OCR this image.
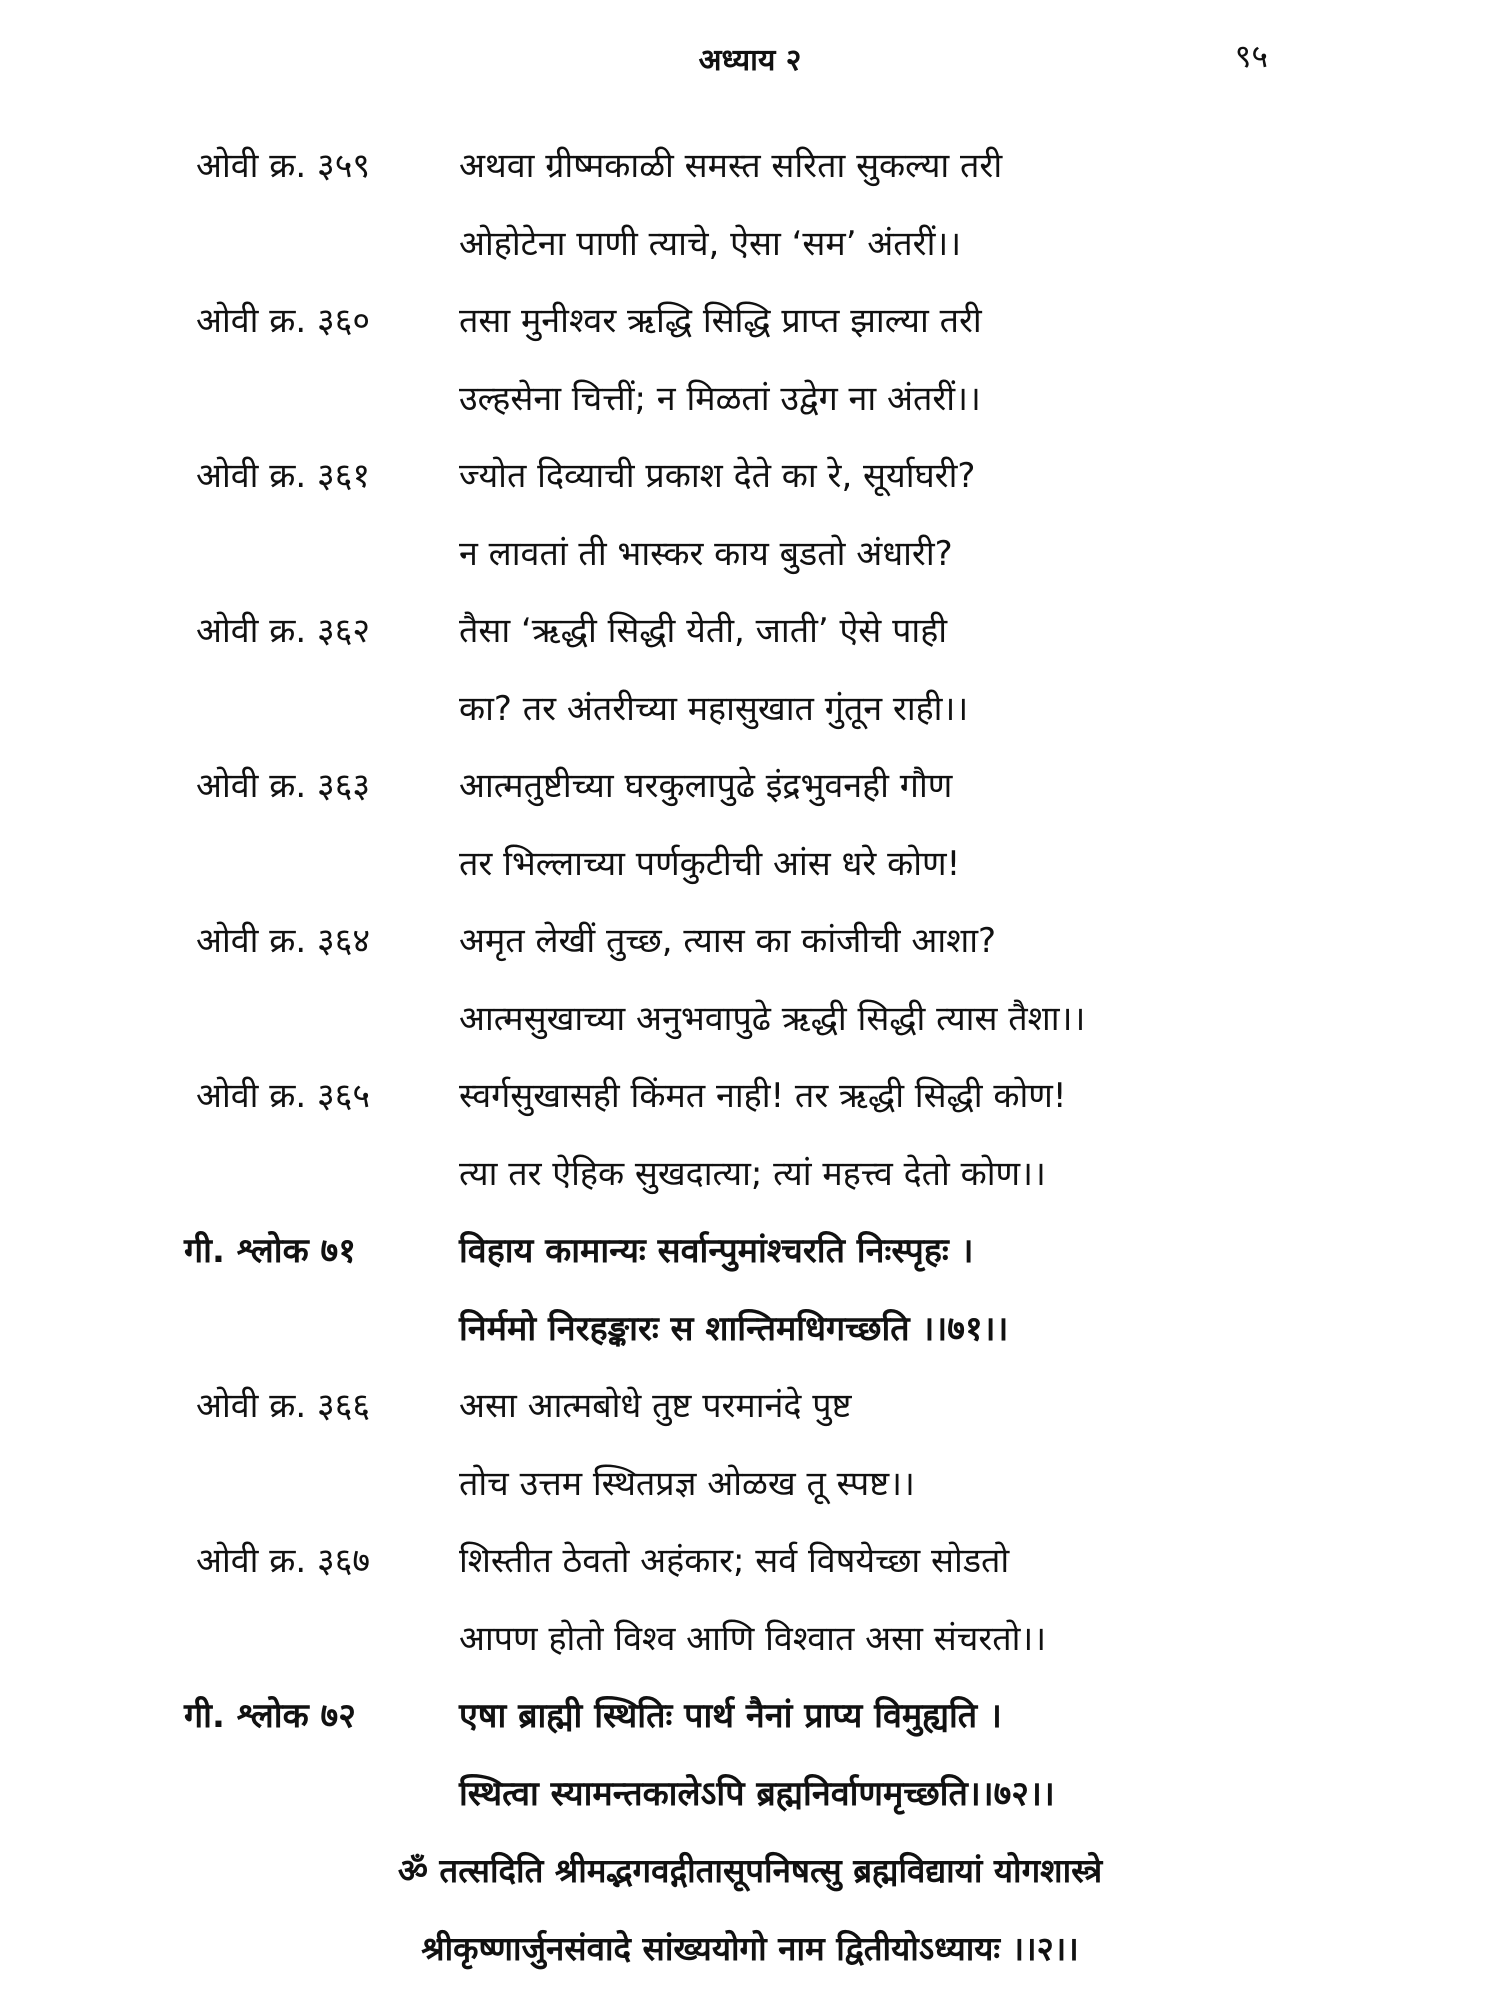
अध्याय २	९५
ओवी क्र. ३५९	अथवा ग्रीष्मकाळी समस्त सरिता सुकल्या तरी
ओहोटेना पाणी त्याचे, ऐसा ‘सम’ अंतरीं।।
ओवी क्र. ३६०	तसा मुनीश्वर ऋद्धि सिद्धि प्राप्त झाल्या तरी
उल्हसेना चित्तीं; न मिळतां उद्वेग ना अंतरीं।।
ओवी क्र. ३६१	ज्योत दिव्याची प्रकाश देते का रे, सूर्याघरी?
न लावतां ती भास्कर काय बुडतो अंधारी?
ओवी क्र. ३६२	तैसा ‘ऋद्धी सिद्धी येती, जाती’ ऐसे पाही
का? तर अंतरीच्या महासुखात गुंतून राही।।
ओवी क्र. ३६३	आत्मतुष्टीच्या घरकुलापुढे इंद्रभुवनही गौण
तर भिल्लाच्या पर्णकुटीची आंस धरे कोण!
ओवी क्र. ३६४	अमृत लेखीं तुच्छ, त्यास का कांजीची आशा?
आत्मसुखाच्या अनुभवापुढे ऋद्धी सिद्धी त्यास तैशा।।
ओवी क्र. ३६५	स्वर्गसुखासही किंमत नाही! तर ऋद्धी सिद्धी कोण!
त्या तर ऐहिक सुखदात्या; त्यां महत्त्व देतो कोण।।
गी. श्लोक ७१	विहाय कामान्यः सर्वान्पुमांश्चरति निःस्पृहः ।
निर्ममो निरहङ्कारः स शान्तिमधिगच्छति ।।७१।।
ओवी क्र. ३६६	असा आत्मबोधे तुष्ट परमानंदे पुष्ट
तोच उत्तम स्थितप्रज्ञ ओळख तू स्पष्ट।।
ओवी क्र. ३६७	शिस्तीत ठेवतो अहंकार; सर्व विषयेच्छा सोडतो
आपण होतो विश्व आणि विश्वात असा संचरतो।।
गी. श्लोक ७२	एषा ब्राह्मी स्थितिः पार्थ नैनां प्राप्य विमुह्यति ।
स्थित्वा स्यामन्तकालेऽपि ब्रह्मनिर्वाणमृच्छति।।७२।।
ॐ तत्सदिति श्रीमद्भगवद्गीतासूपनिषत्सु ब्रह्मविद्यायां योगशास्त्रे
श्रीकृष्णार्जुनसंवादे सांख्ययोगो नाम द्वितीयोऽध्यायः ।।२।।
